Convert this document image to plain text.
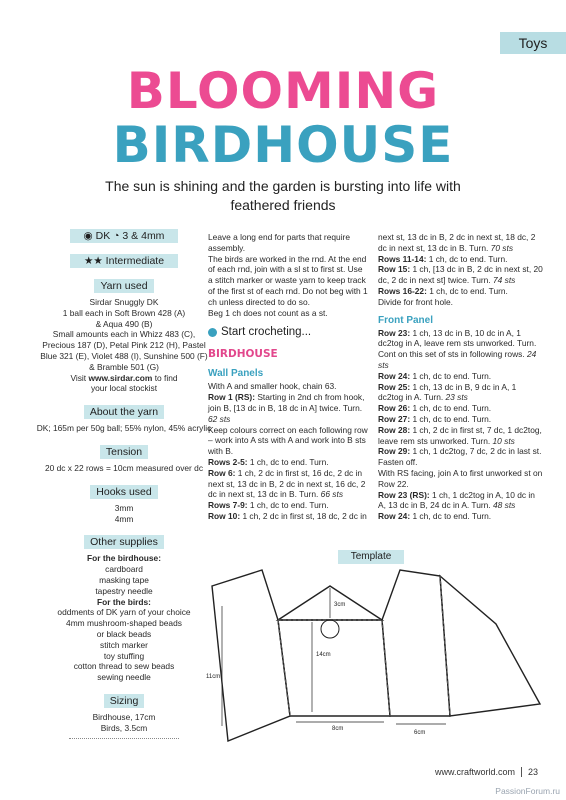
Toys
BLOOMING
BIRDHOUSE
The sun is shining and the garden is bursting into life with feathered friends
◉ DK ◔ 3 & 4mm
★★ Intermediate
Yarn used
Sirdar Snuggly DK
1 ball each in Soft Brown 428 (A)
& Aqua 490 (B)
Small amounts each in Whizz 483 (C),
Precious 187 (D), Petal Pink 212 (H), Pastel
Blue 321 (E), Violet 488 (I), Sunshine 500 (F)
& Bramble 501 (G)
Visit www.sirdar.com to find
your local stockist
About the yarn
DK; 165m per 50g ball; 55% nylon, 45% acrylic
Tension
20 dc x 22 rows = 10cm measured over dc
Hooks used
3mm
4mm
Other supplies
For the birdhouse:
cardboard
masking tape
tapestry needle
For the birds:
oddments of DK yarn of your choice
4mm mushroom-shaped beads
or black beads
stitch marker
toy stuffing
cotton thread to sew beads
sewing needle
Sizing
Birdhouse, 17cm
Birds, 3.5cm
Leave a long end for parts that require assembly.
The birds are worked in the rnd. At the end of each rnd, join with a sl st to first st. Use a stitch marker or waste yarn to keep track of the first st of each rnd. Do not beg with 1 ch unless directed to do so.
Beg 1 ch does not count as a st.
Start crocheting...
BIRDHOUSE
Wall Panels
With A and smaller hook, chain 63.
Row 1 (RS): Starting in 2nd ch from hook, join B, [13 dc in B, 18 dc in A] twice. Turn. 62 sts
Keep colours correct on each following row – work into A sts with A and work into B sts with B.
Rows 2-5: 1 ch, dc to end. Turn.
Row 6: 1 ch, 2 dc in first st, 16 dc, 2 dc in next st, 13 dc in B, 2 dc in next st, 16 dc, 2 dc in next st, 13 dc in B. Turn. 66 sts
Rows 7-9: 1 ch, dc to end. Turn.
Row 10: 1 ch, 2 dc in first st, 18 dc, 2 dc in
next st, 13 dc in B, 2 dc in next st, 18 dc, 2 dc in next st, 13 dc in B. Turn. 70 sts
Rows 11-14: 1 ch, dc to end. Turn.
Row 15: 1 ch, [13 dc in B, 2 dc in next st, 20 dc, 2 dc in next st] twice. Turn. 74 sts
Rows 16-22: 1 ch, dc to end. Turn.
Divide for front hole.
Front Panel
Row 23: 1 ch, 13 dc in B, 10 dc in A, 1 dc2tog in A, leave rem sts unworked. Turn. Cont on this set of sts in following rows. 24 sts
Row 24: 1 ch, dc to end. Turn.
Row 25: 1 ch, 13 dc in B, 9 dc in A, 1 dc2tog in A. Turn. 23 sts
Row 26: 1 ch, dc to end. Turn.
Row 27: 1 ch, dc to end. Turn.
Row 28: 1 ch, 2 dc in first st, 7 dc, 1 dc2tog, leave rem sts unworked. Turn. 10 sts
Row 29: 1 ch, 1 dc2tog, 7 dc, 2 dc in last st. Fasten off.
With RS facing, join A to first unworked st on Row 22.
Row 23 (RS): 1 ch, 1 dc2tog in A, 10 dc in A, 13 dc in B, 24 dc in A. Turn. 48 sts
Row 24: 1 ch, dc to end. Turn.
Template
3cm
14cm
11cm
8cm
6cm
www.craftworld.com 23
PassionForum.ru
